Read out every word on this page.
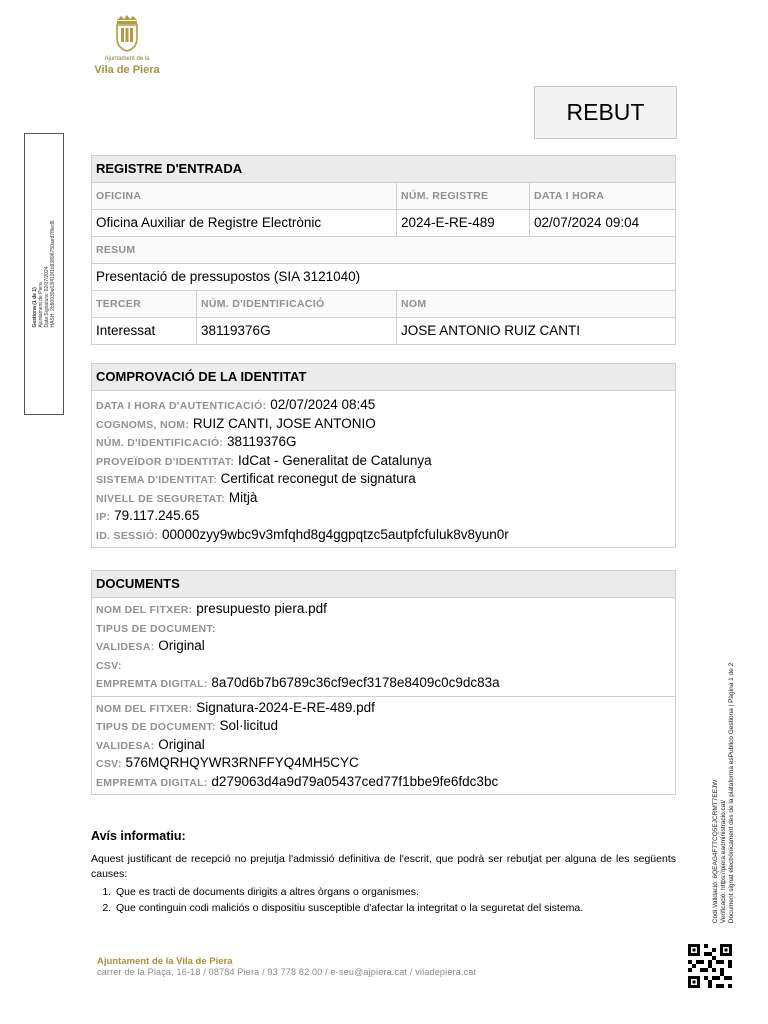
Ajuntament de la
Vila de Piera
REBUT
Gestiona (1 de 1) Ajuntament de Piera Data Signatura: 02/07/2024 HASH: 2b90939e63f419f1b93896750aed7f8ed5
REGISTRE D'ENTRADA
OFICINA	NÚM. REGISTRE	DATA I HORA
Oficina Auxiliar de Registre Electrònic	2024-E-RE-489	02/07/2024 09:04
RESUM
Presentació de pressupostos (SIA 3121040)
TERCER	NÚM. D'IDENTIFICACIÓ	NOM
Interessat	38119376G	JOSE ANTONIO RUIZ CANTI
COMPROVACIÓ DE LA IDENTITAT
DATA I HORA D'AUTENTICACIÓ: 02/07/2024 08:45
COGNOMS, NOM: RUIZ CANTI, JOSE ANTONIO
NÚM. D'IDENTIFICACIÓ: 38119376G
PROVEÏDOR D'IDENTITAT: IdCat - Generalitat de Catalunya
SISTEMA D'IDENTITAT: Certificat reconegut de signatura
NIVELL DE SEGURETAT: Mitjà
IP: 79.117.245.65
ID. SESSIÓ: 00000zyy9wbc9v3mfqhd8g4ggpqtzc5autpfcfuluk8v8yun0r
DOCUMENTS
NOM DEL FITXER: presupuesto piera.pdf
TIPUS DE DOCUMENT:
VALIDESA: Original
CSV:
EMPREMTA DIGITAL: 8a70d6b7b6789c36cf9ecf3178e8409c0c9dc83a
NOM DEL FITXER: Signatura-2024-E-RE-489.pdf
TIPUS DE DOCUMENT: Sol·licitud
VALIDESA: Original
CSV: 576MQRHQYWR3RNFFYQ4MH5CYC
EMPREMTA DIGITAL: d279063d4a9d79a05437ced77f1bbe9fe6fdc3bc
Avís informatiu:
Aquest justificant de recepció no prejutja l'admissió definitiva de l'escrit, que podrà ser rebutjat per alguna de les següents causes:
1. Que es tracti de documents dirigits a altres òrgans o organismes.
2. Que continguin codi maliciós o dispositiu susceptible d'afectar la integritat o la seguretat del sistema.
Ajuntament de la Vila de Piera
carrer de la Plaça, 16-18 / 08784 Piera / 93 778 82 00 / e-seu@ajpiera.cat / viladepiera.cat
Codi Validació: 6QEAG4F7TCQ5EJCRMT7EEJW Verificació: https://piera.eadministracio.cat/ Document signat electrònicament des de la plataforma esPublico Gestiona | Pàgina 1 de 2
